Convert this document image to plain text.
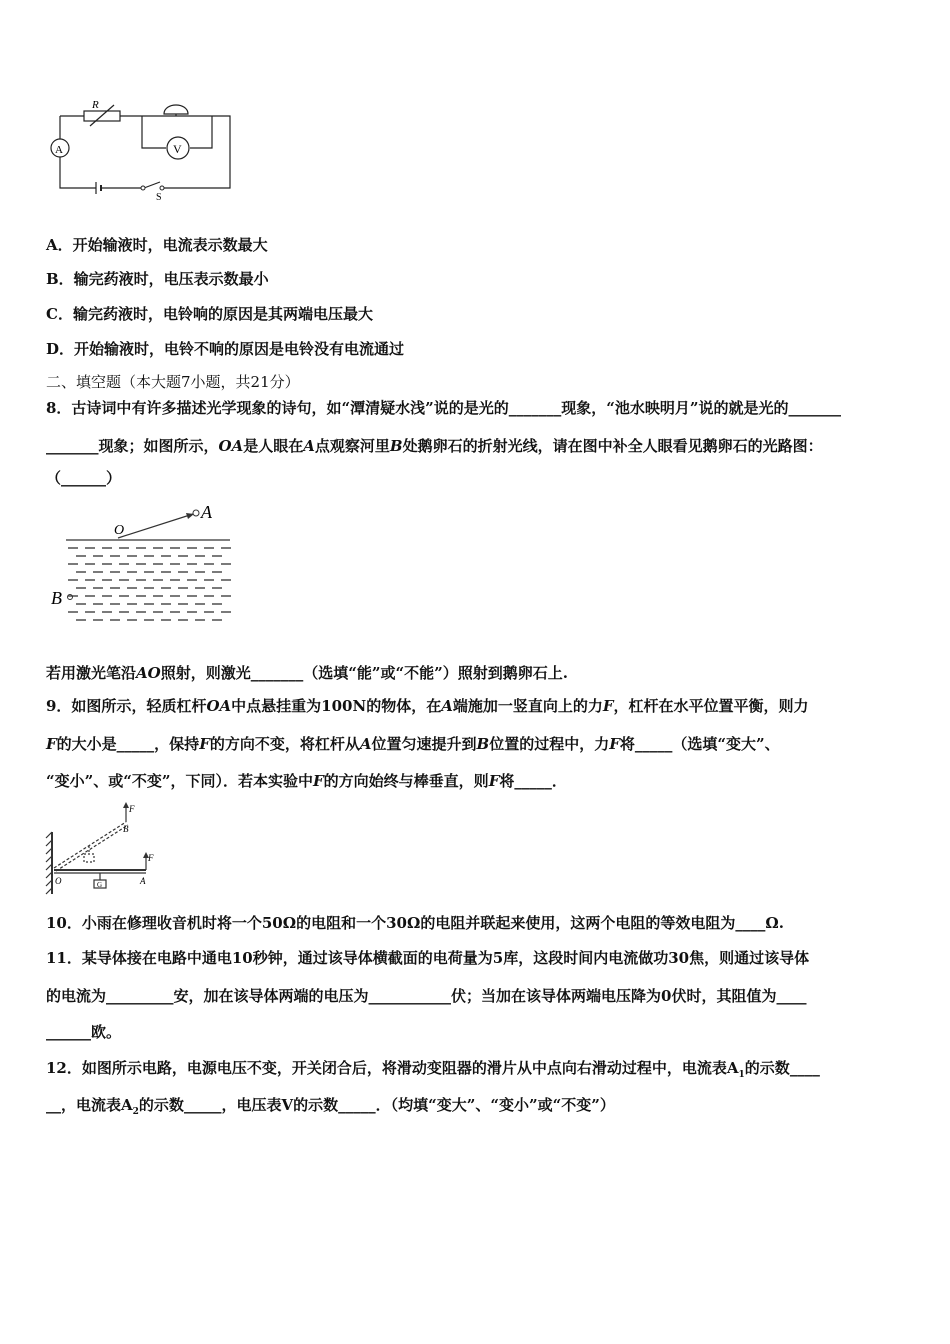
A	V
R
S
A．开始输液时，电流表示数最大
B．输完药液时，电压表示数最小
C．输完药液时，电铃响的原因是其两端电压最大
D．开始输液时，电铃不响的原因是电铃没有电流通过
二、填空题（本大题7小题，共21分）
8．古诗词中有许多描述光学现象的诗句，如“潭清疑水浅”说的是光的_______现象，“池水映明月”说的就是光的_______
_______现象；如图所示，OA是人眼在A点观察河里B处鹅卵石的折射光线，请在图中补全人眼看见鹅卵石的光路图：
（______）
O
A
B
若用激光笔沿AO照射，则激光_______（选填“能”或“不能”）照射到鹅卵石上.
9．如图所示，轻质杠杆OA中点悬挂重为100N的物体，在A端施加一竖直向上的力F，杠杆在水平位置平衡，则力
F的大小是_____，保持F的方向不变，将杠杆从A位置匀速提升到B位置的过程中，力F将_____（选填“变大”、
“变小”、或“不变”，下同）．若本实验中F的方向始终与棒垂直，则F将_____．
F
B
F
O	A
G
10．小雨在修理收音机时将一个50Ω的电阻和一个30Ω的电阻并联起来使用，这两个电阻的等效电阻为____Ω.
11．某导体接在电路中通电10秒钟，通过该导体横截面的电荷量为5库，这段时间内电流做功30焦，则通过该导体
的电流为_________安，加在该导体两端的电压为___________伏；当加在该导体两端电压降为0伏时，其阻值为____
______欧。
12．如图所示电路，电源电压不变，开关闭合后，将滑动变阻器的滑片从中点向右滑动过程中，电流表$A_1$的示数____
__，电流表$A_2$的示数_____，电压表V的示数_____．（均填“变大”、“变小”或“不变”）
